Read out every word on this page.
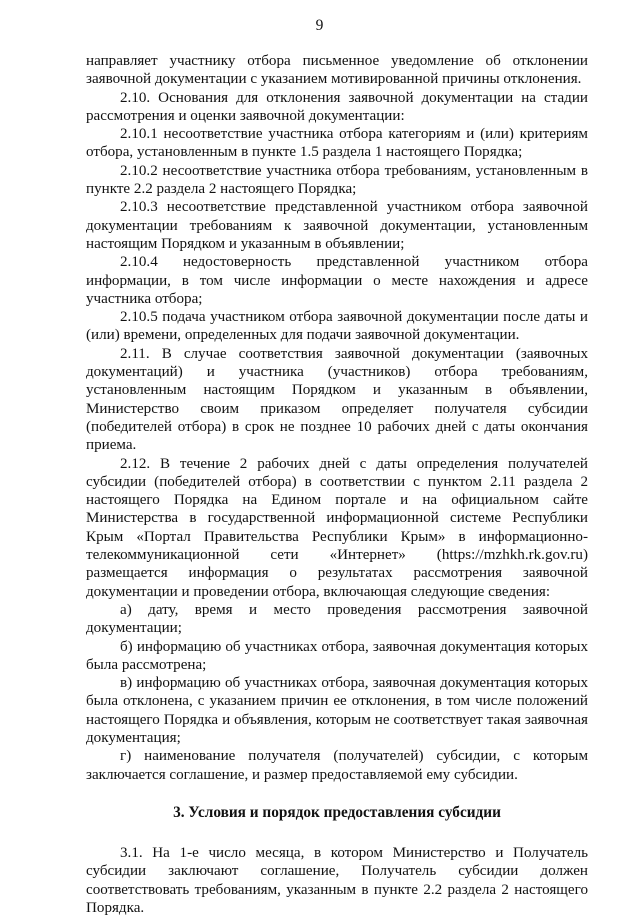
9

направляет участнику отбора письменное уведомление об отклонении заявочной документации с указанием мотивированной причины отклонения.

2.10. Основания для отклонения заявочной документации на стадии рассмотрения и оценки заявочной документации:

2.10.1 несоответствие участника отбора категориям и (или) критериям отбора, установленным в пункте 1.5 раздела 1 настоящего Порядка;

2.10.2 несоответствие участника отбора требованиям, установленным в пункте 2.2 раздела 2 настоящего Порядка;

2.10.3 несоответствие представленной участником отбора заявочной документации требованиям к заявочной документации, установленным настоящим Порядком и указанным в объявлении;

2.10.4 недостоверность представленной участником отбора информации, в том числе информации о месте нахождения и адресе участника отбора;

2.10.5 подача участником отбора заявочной документации после даты и (или) времени, определенных для подачи заявочной документации.

2.11. В случае соответствия заявочной документации (заявочных документаций) и участника (участников) отбора требованиям, установленным настоящим Порядком и указанным в объявлении, Министерство своим приказом определяет получателя субсидии (победителей отбора) в срок не позднее 10 рабочих дней с даты окончания приема.

2.12. В течение 2 рабочих дней с даты определения получателей субсидии (победителей отбора) в соответствии с пунктом 2.11 раздела 2 настоящего Порядка на Едином портале и на официальном сайте Министерства в государственной информационной системе Республики Крым «Портал Правительства Республики Крым» в информационно-телекоммуникационной сети «Интернет» (https://mzhkh.rk.gov.ru) размещается информация о результатах рассмотрения заявочной документации и проведении отбора, включающая следующие сведения:

а) дату, время и место проведения рассмотрения заявочной документации;

б) информацию об участниках отбора, заявочная документация которых была рассмотрена;

в) информацию об участниках отбора, заявочная документация которых была отклонена, с указанием причин ее отклонения, в том числе положений настоящего Порядка и объявления, которым не соответствует такая заявочная документация;

г) наименование получателя (получателей) субсидии, с которым заключается соглашение, и размер предоставляемой ему субсидии.

3. Условия и порядок предоставления субсидии

3.1. На 1-е число месяца, в котором Министерство и Получатель субсидии заключают соглашение, Получатель субсидии должен соответствовать требованиям, указанным в пункте 2.2 раздела 2 настоящего Порядка.
